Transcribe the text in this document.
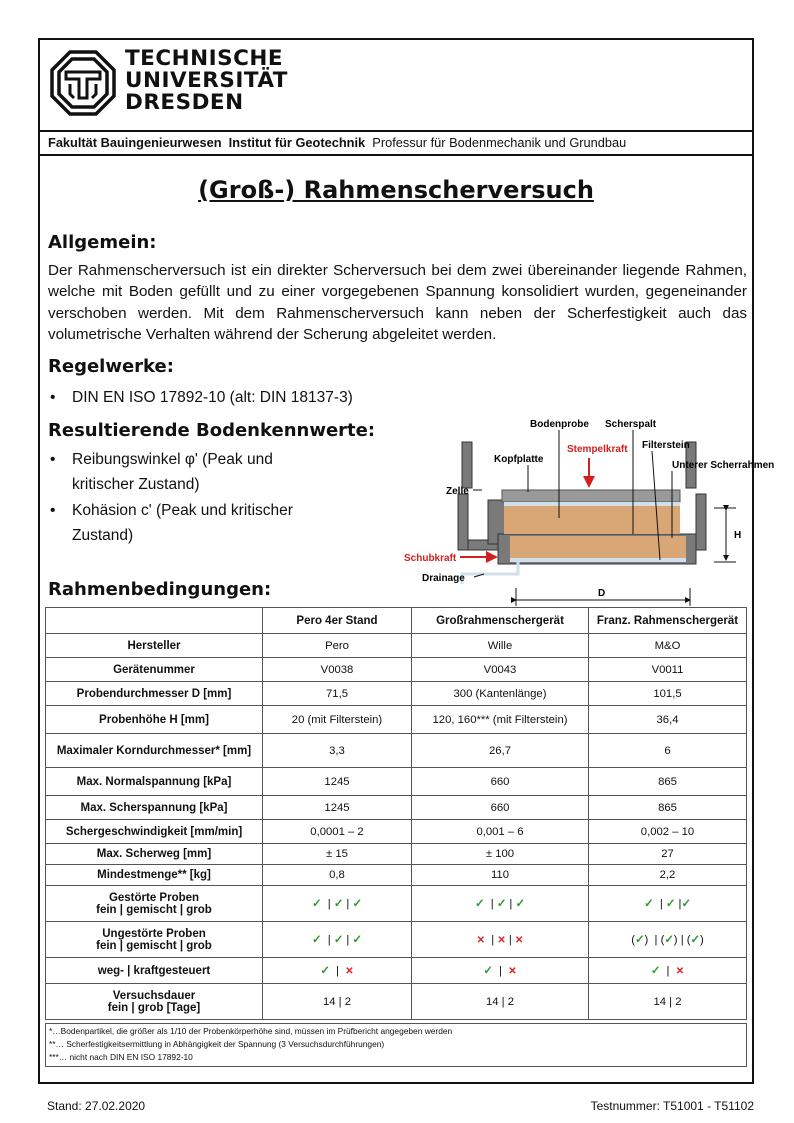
TECHNISCHE
UNIVERSITÄT
DRESDEN
Fakultät Bauingenieurwesen Institut für Geotechnik Professur für Bodenmechanik und Grundbau
(Groß-) Rahmenscherversuch
Allgemein:
Der Rahmenscherversuch ist ein direkter Scherversuch bei dem zwei übereinander liegende Rahmen, welche mit Boden gefüllt und zu einer vorgegebenen Spannung konsolidiert wurden, gegeneinander verschoben werden. Mit dem Rahmenscherversuch kann neben der Scherfestigkeit auch das volumetrische Verhalten während der Scherung abgeleitet werden.
Regelwerke:
• DIN EN ISO 17892-10 (alt: DIN 18137-3)
Resultierende Bodenkennwerte:
• Reibungswinkel φ' (Peak und kritischer Zustand)
• Kohäsion c' (Peak und kritischer Zustand)	H
D
Stempelkraft
Schubkraft
Bodenprobe Scherspalt
Filterstein
Kopfplatte
Unterer Scherrahmen
Zelle
Drainage
Rahmenbedingungen:
	Pero 4er Stand	Großrahmenschergerät	Franz. Rahmenschergerät
Hersteller	Pero	Wille	M&O
Gerätenummer	V0038	V0043	V0011
Probendurchmesser D [mm]	71,5	300 (Kantenlänge)	101,5
Probenhöhe H [mm]	20 (mit Filterstein)	120, 160*** (mit Filterstein)	36,4
Maximaler Korndurchmesser* [mm]	3,3	26,7	6
Max. Normalspannung [kPa]	1245	660	865
Max. Scherspannung [kPa]	1245	660	865
Schergeschwindigkeit [mm/min]	0,0001 – 2	0,001 – 6	0,002 – 10
Max. Scherweg [mm]	± 15	± 100	27
Mindestmenge** [kg]	0,8	110	2,2

Gestörte Proben
fein | gemischt | grob	✓  | ✓ | ✓	✓  | ✓ | ✓	✓  | ✓ |✓

Ungestörte Proben
fein | gemischt | grob	✓  | ✓ | ✓	✕  | ✕ | ✕	(✓)  | (✓) | (✓)
weg- | kraftgesteuert	✓  |  ✕	✓  |  ✕	✓  |  ✕

Versuchsdauer
fein | grob [Tage]	14 | 2	14 | 2	14 | 2
*…Bodenpartikel, die größer als 1/10 der Probenkörperhöhe sind, müssen im Prüfbericht angegeben werden
**… Scherfestigkeitsermittlung in Abhängigkeit der Spannung (3 Versuchsdurchführungen)
***… nicht nach DIN EN ISO 17892-10
Stand: 27.02.2020	Testnummer: T51001 - T51102
